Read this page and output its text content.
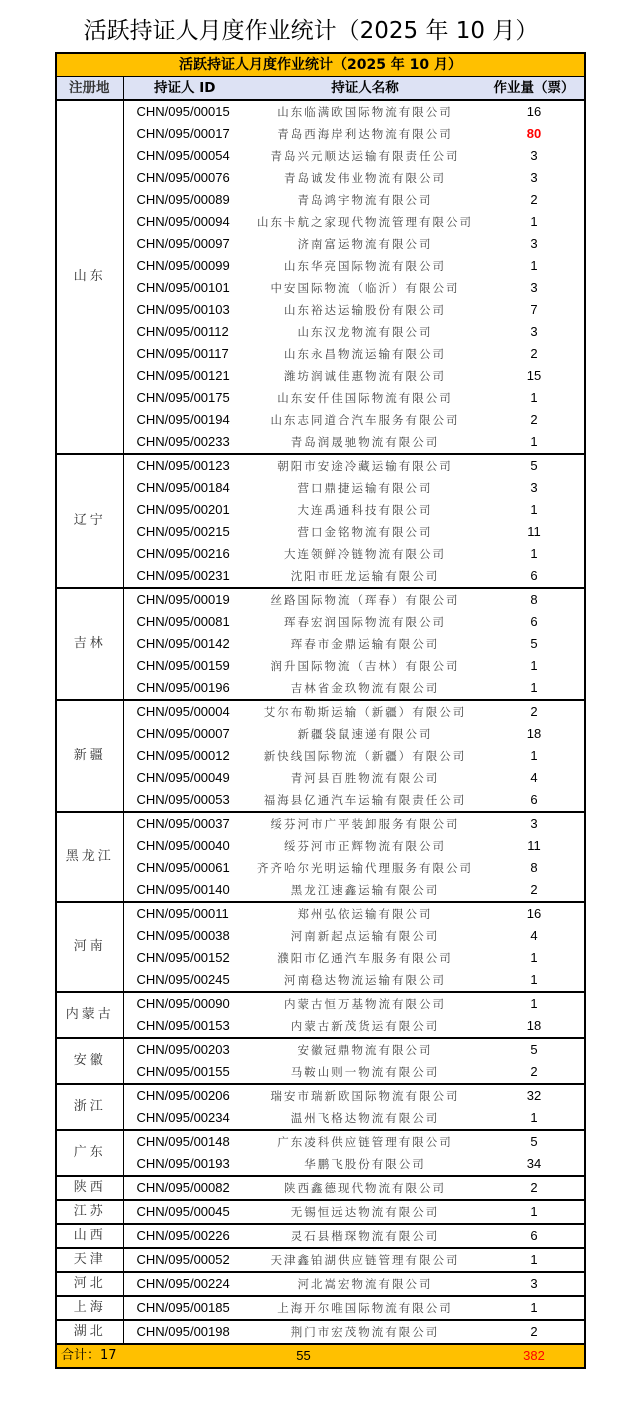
活跃持证人月度作业统计（2025 年 10 月）
活跃持证人月度作业统计（2025 年 10 月）			
注册地	持证人 ID	持证人名称	作业量（票）
山东	CHN/095/00015	山东临满欧国际物流有限公司	16
	CHN/095/00017	青岛西海岸利达物流有限公司	80
	CHN/095/00054	青岛兴元顺达运输有限责任公司	3
	CHN/095/00076	青岛诚发伟业物流有限公司	3
	CHN/095/00089	青岛鸿宇物流有限公司	2
	CHN/095/00094	山东卡航之家现代物流管理有限公司	1
	CHN/095/00097	济南富运物流有限公司	3
	CHN/095/00099	山东华亮国际物流有限公司	1
	CHN/095/00101	中安国际物流（临沂）有限公司	3
	CHN/095/00103	山东裕达运输股份有限公司	7
	CHN/095/00112	山东汉龙物流有限公司	3
	CHN/095/00117	山东永昌物流运输有限公司	2
	CHN/095/00121	潍坊润诚佳惠物流有限公司	15
	CHN/095/00175	山东安仟佳国际物流有限公司	1
	CHN/095/00194	山东志同道合汽车服务有限公司	2
	CHN/095/00233	青岛润晟驰物流有限公司	1
辽宁	CHN/095/00123	朝阳市安途冷藏运输有限公司	5
	CHN/095/00184	营口鼎捷运输有限公司	3
	CHN/095/00201	大连禹通科技有限公司	1
	CHN/095/00215	营口金铭物流有限公司	11
	CHN/095/00216	大连领鲜冷链物流有限公司	1
	CHN/095/00231	沈阳市旺龙运输有限公司	6
吉林	CHN/095/00019	丝路国际物流（珲春）有限公司	8
	CHN/095/00081	珲春宏润国际物流有限公司	6
	CHN/095/00142	珲春市金鼎运输有限公司	5
	CHN/095/00159	润升国际物流（吉林）有限公司	1
	CHN/095/00196	吉林省金玖物流有限公司	1
新疆	CHN/095/00004	艾尔布勒斯运输（新疆）有限公司	2
	CHN/095/00007	新疆袋鼠速递有限公司	18
	CHN/095/00012	新快线国际物流（新疆）有限公司	1
	CHN/095/00049	青河县百胜物流有限公司	4
	CHN/095/00053	福海县亿通汽车运输有限责任公司	6
黑龙江	CHN/095/00037	绥芬河市广平装卸服务有限公司	3
	CHN/095/00040	绥芬河市正辉物流有限公司	11
	CHN/095/00061	齐齐哈尔光明运输代理服务有限公司	8
	CHN/095/00140	黑龙江速鑫运输有限公司	2
河南	CHN/095/00011	郑州弘依运输有限公司	16
	CHN/095/00038	河南新起点运输有限公司	4
	CHN/095/00152	濮阳市亿通汽车服务有限公司	1
	CHN/095/00245	河南稳达物流运输有限公司	1
内蒙古	CHN/095/00090	内蒙古恒万基物流有限公司	1
	CHN/095/00153	内蒙古新茂货运有限公司	18
安徽	CHN/095/00203	安徽冠鼎物流有限公司	5
	CHN/095/00155	马鞍山则一物流有限公司	2
浙江	CHN/095/00206	瑞安市瑞新欧国际物流有限公司	32
	CHN/095/00234	温州飞格达物流有限公司	1
广东	CHN/095/00148	广东凌科供应链管理有限公司	5
	CHN/095/00193	华鹏飞股份有限公司	34
陕西	CHN/095/00082	陕西鑫德现代物流有限公司	2
江苏	CHN/095/00045	无锡恒远达物流有限公司	1
山西	CHN/095/00226	灵石县楷琛物流有限公司	6
天津	CHN/095/00052	天津鑫铂湖供应链管理有限公司	1
河北	CHN/095/00224	河北嵩宏物流有限公司	3
上海	CHN/095/00185	上海开尔唯国际物流有限公司	1
湖北	CHN/095/00198	荆门市宏茂物流有限公司	2
合计：17	55		382
